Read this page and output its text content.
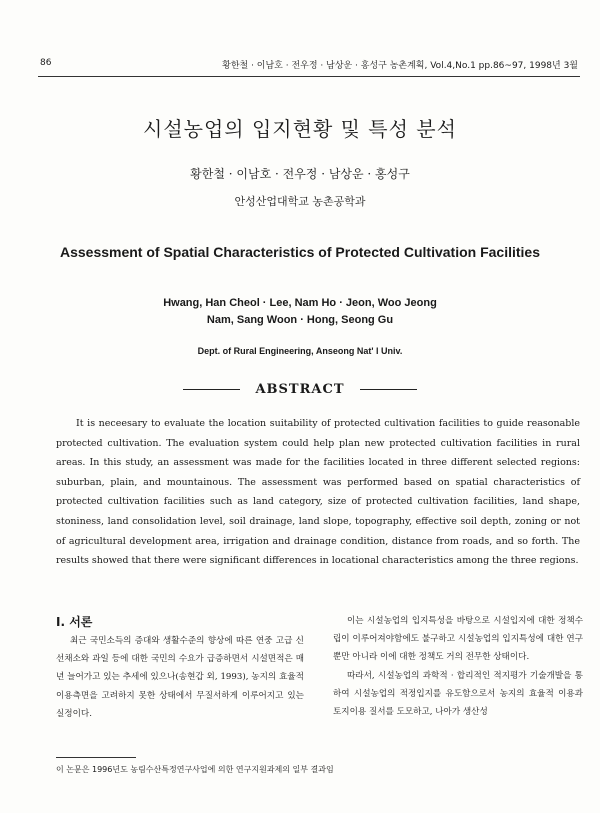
86	황한철 · 이남호 · 전우정 · 남상운 · 홍성구 농촌계획, Vol.4,No.1 pp.86~97, 1998년 3월
시설농업의 입지현황 및 특성 분석
황한철 · 이남호 · 전우정 · 남상운 · 홍성구
안성산업대학교 농촌공학과
Assessment of Spatial Characteristics of Protected Cultivation Facilities
Hwang, Han Cheol · Lee, Nam Ho · Jeon, Woo Jeong
Nam, Sang Woon · Hong, Seong Gu
Dept. of Rural Engineering, Anseong Nat' l Univ.
ABSTRACT

It is neceesary to evaluate the location suitability of protected cultivation facilities to guide reasonable protected cultivation. The evaluation system could help plan new protected cultivation facilities in rural areas. In this study, an assessment was made for the facilities located in three different selected regions: suburban, plain, and mountainous. The assessment was performed based on spatial characteristics of protected cultivation facilities such as land category, size of protected cultivation facilities, land shape, stoniness, land consolidation level, soil drainage, land slope, topography, effective soil depth, zoning or not of agricultural development area, irrigation and drainage condition, distance from roads, and so forth. The results showed that there were significant differences in locational characteristics among the three regions.

Ⅰ. 서론

최근 국민소득의 증대와 생활수준의 향상에 따른 연중 고급 신선채소와 과일 등에 대한 국민의 수요가 급증하면서 시설면적은 매년 늘어가고 있는 추세에 있으나(송현갑 외, 1993), 농지의 효율적 이용측면을 고려하지 못한 상태에서 무질서하게 이루어지고 있는 실정이다.

이는 시설농업의 입지특성을 바탕으로 시설입지에 대한 정책수립이 이루어져야함에도 불구하고 시설농업의 입지특성에 대한 연구 뿐만 아니라 이에 대한 정책도 거의 전무한 상태이다.

따라서, 시설농업의 과학적 · 합리적인 적지평가 기술개발을 통하여 시설농업의 적정입지를 유도함으로서 농지의 효율적 이용과 토지이용 질서를 도모하고, 나아가 생산성

이 논문은 1996년도 농림수산특정연구사업에 의한 연구지원과제의 일부 결과임
